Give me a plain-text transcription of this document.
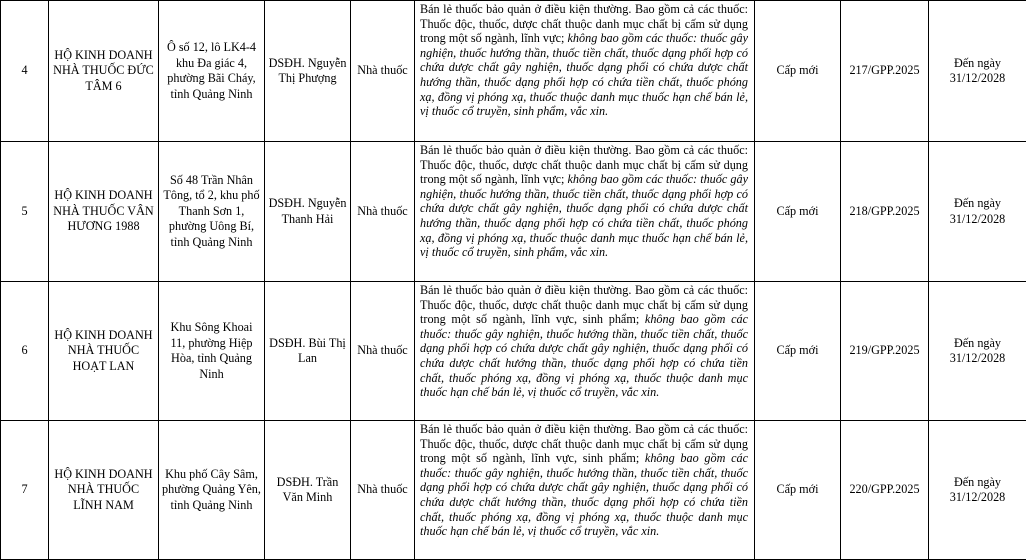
4	HỘ KINH DOANH NHÀ THUỐC ĐỨC TÂM 6	Ô số 12, lô LK4-4 khu Đa giác 4, phường Bãi Cháy, tỉnh Quảng Ninh	DSĐH. Nguyễn Thị Phượng	Nhà thuốc	Bán lẻ thuốc bảo quản ở điều kiện thường. Bao gồm cả các thuốc: Thuốc độc, thuốc, dược chất thuộc danh mục chất bị cấm sử dụng trong một số ngành, lĩnh vực; không bao gồm các thuốc: thuốc gây nghiện, thuốc hướng thần, thuốc tiền chất, thuốc dạng phối hợp có chứa dược chất gây nghiện, thuốc dạng phối có chứa dược chất hướng thần, thuốc dạng phối hợp có chứa tiền chất, thuốc phóng xạ, đồng vị phóng xạ, thuốc thuộc danh mục thuốc hạn chế bán lẻ, vị thuốc cổ truyền, sinh phẩm, vắc xin.	Cấp mới	217/GPP.2025	Đến ngày 31/12/2028
5	HỘ KINH DOANH NHÀ THUỐC VÂN HƯƠNG 1988	Số 48 Trần Nhân Tông, tổ 2, khu phố Thanh Sơn 1, phường Uông Bí, tỉnh Quảng Ninh	DSĐH. Nguyễn Thanh Hải	Nhà thuốc	Bán lẻ thuốc bảo quản ở điều kiện thường. Bao gồm cả các thuốc: Thuốc độc, thuốc, dược chất thuộc danh mục chất bị cấm sử dụng trong một số ngành, lĩnh vực; không bao gồm các thuốc: thuốc gây nghiện, thuốc hướng thần, thuốc tiền chất, thuốc dạng phối hợp có chứa dược chất gây nghiện, thuốc dạng phối có chứa dược chất hướng thần, thuốc dạng phối hợp có chứa tiền chất, thuốc phóng xạ, đồng vị phóng xạ, thuốc thuộc danh mục thuốc hạn chế bán lẻ, vị thuốc cổ truyền, sinh phẩm, vắc xin.	Cấp mới	218/GPP.2025	Đến ngày 31/12/2028
6	HỘ KINH DOANH NHÀ THUỐC HOẠT LAN	Khu Sông Khoai 11, phường Hiệp Hòa, tỉnh Quảng Ninh	DSĐH. Bùi Thị Lan	Nhà thuốc	Bán lẻ thuốc bảo quản ở điều kiện thường. Bao gồm cả các thuốc: Thuốc độc, thuốc, dược chất thuộc danh mục chất bị cấm sử dụng trong một số ngành, lĩnh vực, sinh phẩm; không bao gồm các thuốc: thuốc gây nghiện, thuốc hướng thần, thuốc tiền chất, thuốc dạng phối hợp có chứa dược chất gây nghiện, thuốc dạng phối có chứa dược chất hướng thần, thuốc dạng phối hợp có chứa tiền chất, thuốc phóng xạ, đồng vị phóng xạ, thuốc thuộc danh mục thuốc hạn chế bán lẻ, vị thuốc cổ truyền, vắc xin.	Cấp mới	219/GPP.2025	Đến ngày 31/12/2028
7	HỘ KINH DOANH NHÀ THUỐC LĨNH NAM	Khu phố Cây Sâm, phường Quảng Yên, tỉnh Quảng Ninh	DSĐH. Trần Văn Minh	Nhà thuốc	Bán lẻ thuốc bảo quản ở điều kiện thường. Bao gồm cả các thuốc: Thuốc độc, thuốc, dược chất thuộc danh mục chất bị cấm sử dụng trong một số ngành, lĩnh vực, sinh phẩm; không bao gồm các thuốc: thuốc gây nghiện, thuốc hướng thần, thuốc tiền chất, thuốc dạng phối hợp có chứa dược chất gây nghiện, thuốc dạng phối có chứa dược chất hướng thần, thuốc dạng phối hợp có chứa tiền chất, thuốc phóng xạ, đồng vị phóng xạ, thuốc thuộc danh mục thuốc hạn chế bán lẻ, vị thuốc cổ truyền, vắc xin.	Cấp mới	220/GPP.2025	Đến ngày 31/12/2028
